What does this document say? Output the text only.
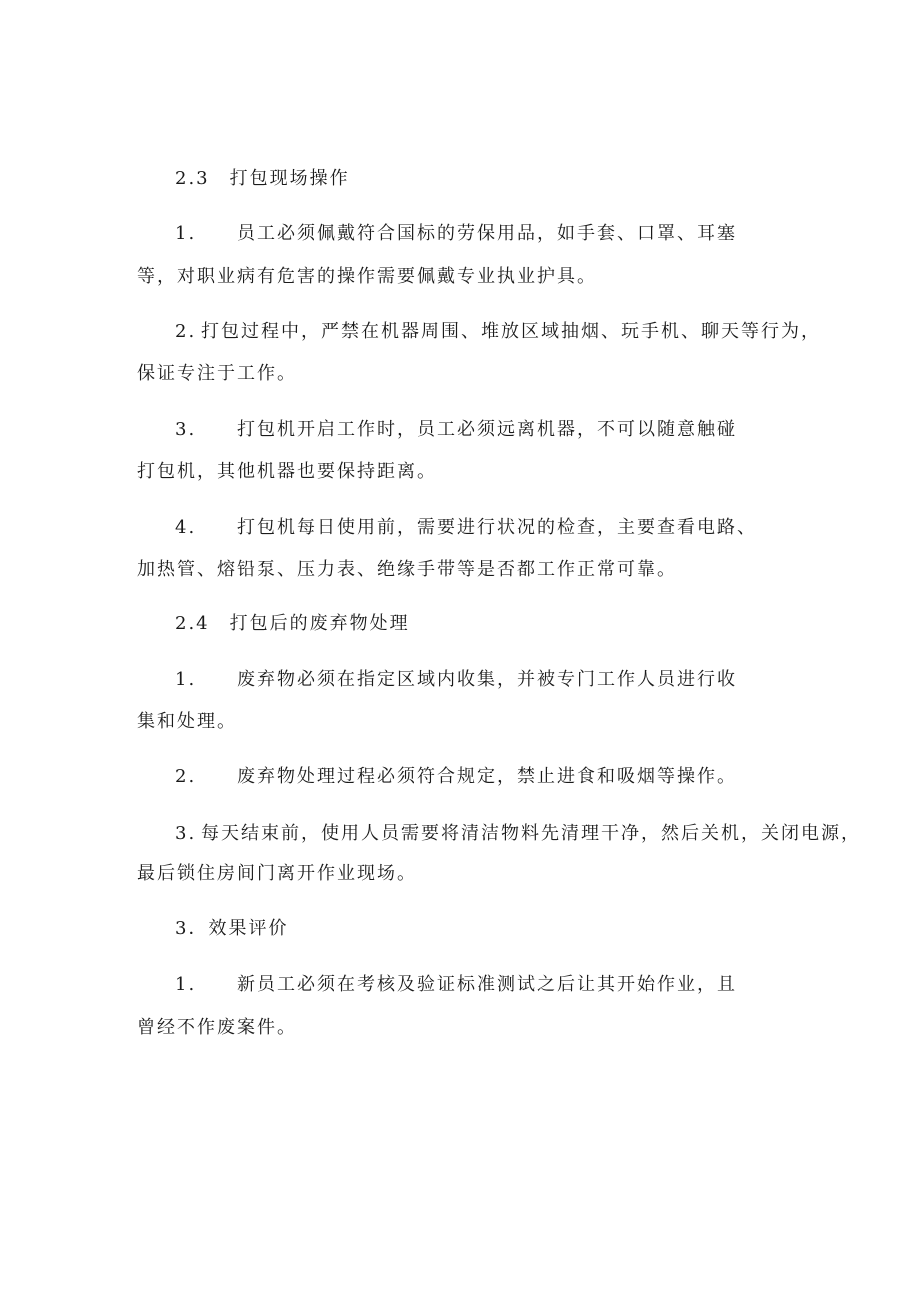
2.3　打包现场操作
1. 员工必须佩戴符合国标的劳保用品，如手套、口罩、耳塞
等，对职业病有危害的操作需要佩戴专业执业护具。
2. 打包过程中，严禁在机器周围、堆放区域抽烟、玩手机、聊天等行为，
保证专注于工作。
3. 打包机开启工作时，员工必须远离机器，不可以随意触碰
打包机，其他机器也要保持距离。
4. 打包机每日使用前，需要进行状况的检查，主要查看电路、
加热管、熔铅泵、压力表、绝缘手带等是否都工作正常可靠。
2.4　打包后的废弃物处理
1. 废弃物必须在指定区域内收集，并被专门工作人员进行收
集和处理。
2. 废弃物处理过程必须符合规定，禁止进食和吸烟等操作。
3. 每天结束前，使用人员需要将清洁物料先清理干净，然后关机，关闭电源，
最后锁住房间门离开作业现场。
3．效果评价
1. 新员工必须在考核及验证标准测试之后让其开始作业，且
曾经不作废案件。
